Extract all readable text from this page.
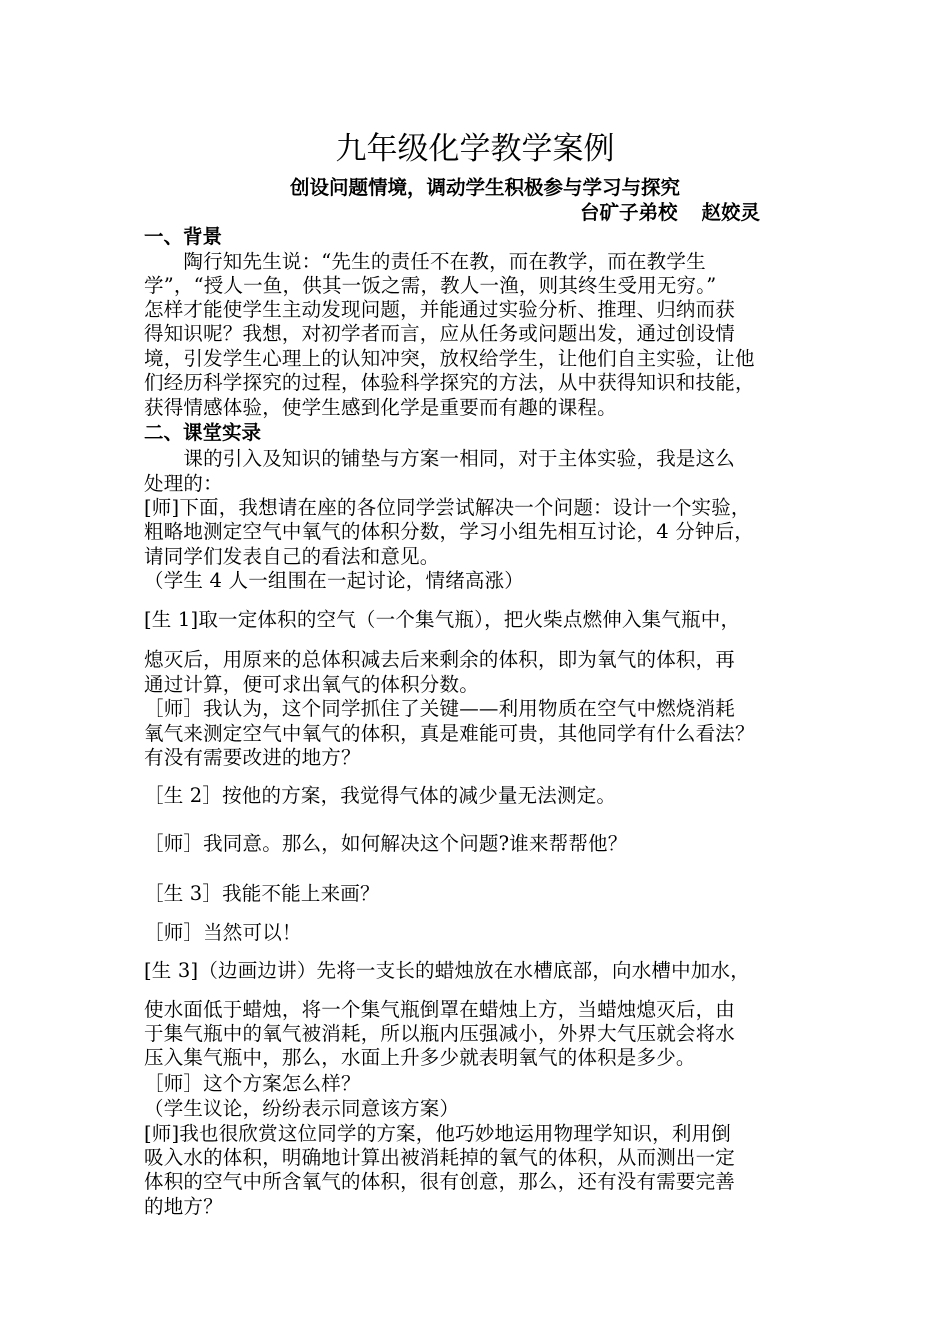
九年级化学教学案例
创设问题情境，调动学生积极参与学习与探究
台矿子弟校 赵姣灵
一、背景
　　陶行知先生说：“先生的责任不在教，而在教学，而在教学生
学”，“授人一鱼，供其一饭之需，教人一渔，则其终生受用无穷。”
怎样才能使学生主动发现问题，并能通过实验分析、推理、归纳而获
得知识呢？我想，对初学者而言，应从任务或问题出发，通过创设情
境，引发学生心理上的认知冲突，放权给学生，让他们自主实验，让他
们经历科学探究的过程，体验科学探究的方法，从中获得知识和技能，
获得情感体验，使学生感到化学是重要而有趣的课程。
二、课堂实录
　　课的引入及知识的铺垫与方案一相同，对于主体实验，我是这么
处理的：
[师]下面，我想请在座的各位同学尝试解决一个问题：设计一个实验，
粗略地测定空气中氧气的体积分数，学习小组先相互讨论，4 分钟后，
请同学们发表自己的看法和意见。
（学生 4 人一组围在一起讨论，情绪高涨）
[生 1]取一定体积的空气（一个集气瓶），把火柴点燃伸入集气瓶中，
熄灭后，用原来的总体积减去后来剩余的体积，即为氧气的体积，再
通过计算，便可求出氧气的体积分数。
［师］我认为，这个同学抓住了关键——利用物质在空气中燃烧消耗
氧气来测定空气中氧气的体积，真是难能可贵，其他同学有什么看法？
有没有需要改进的地方？
［生 2］按他的方案，我觉得气体的减少量无法测定。
［师］我同意。那么，如何解决这个问题?谁来帮帮他？
［生 3］我能不能上来画？
［师］当然可以！
[生 3]（边画边讲）先将一支长的蜡烛放在水槽底部，向水槽中加水，
使水面低于蜡烛，将一个集气瓶倒罩在蜡烛上方，当蜡烛熄灭后，由
于集气瓶中的氧气被消耗，所以瓶内压强减小，外界大气压就会将水
压入集气瓶中，那么，水面上升多少就表明氧气的体积是多少。
［师］这个方案怎么样？
（学生议论，纷纷表示同意该方案）
[师]我也很欣赏这位同学的方案，他巧妙地运用物理学知识，利用倒
吸入水的体积，明确地计算出被消耗掉的氧气的体积，从而测出一定
体积的空气中所含氧气的体积，很有创意，那么，还有没有需要完善
的地方？
